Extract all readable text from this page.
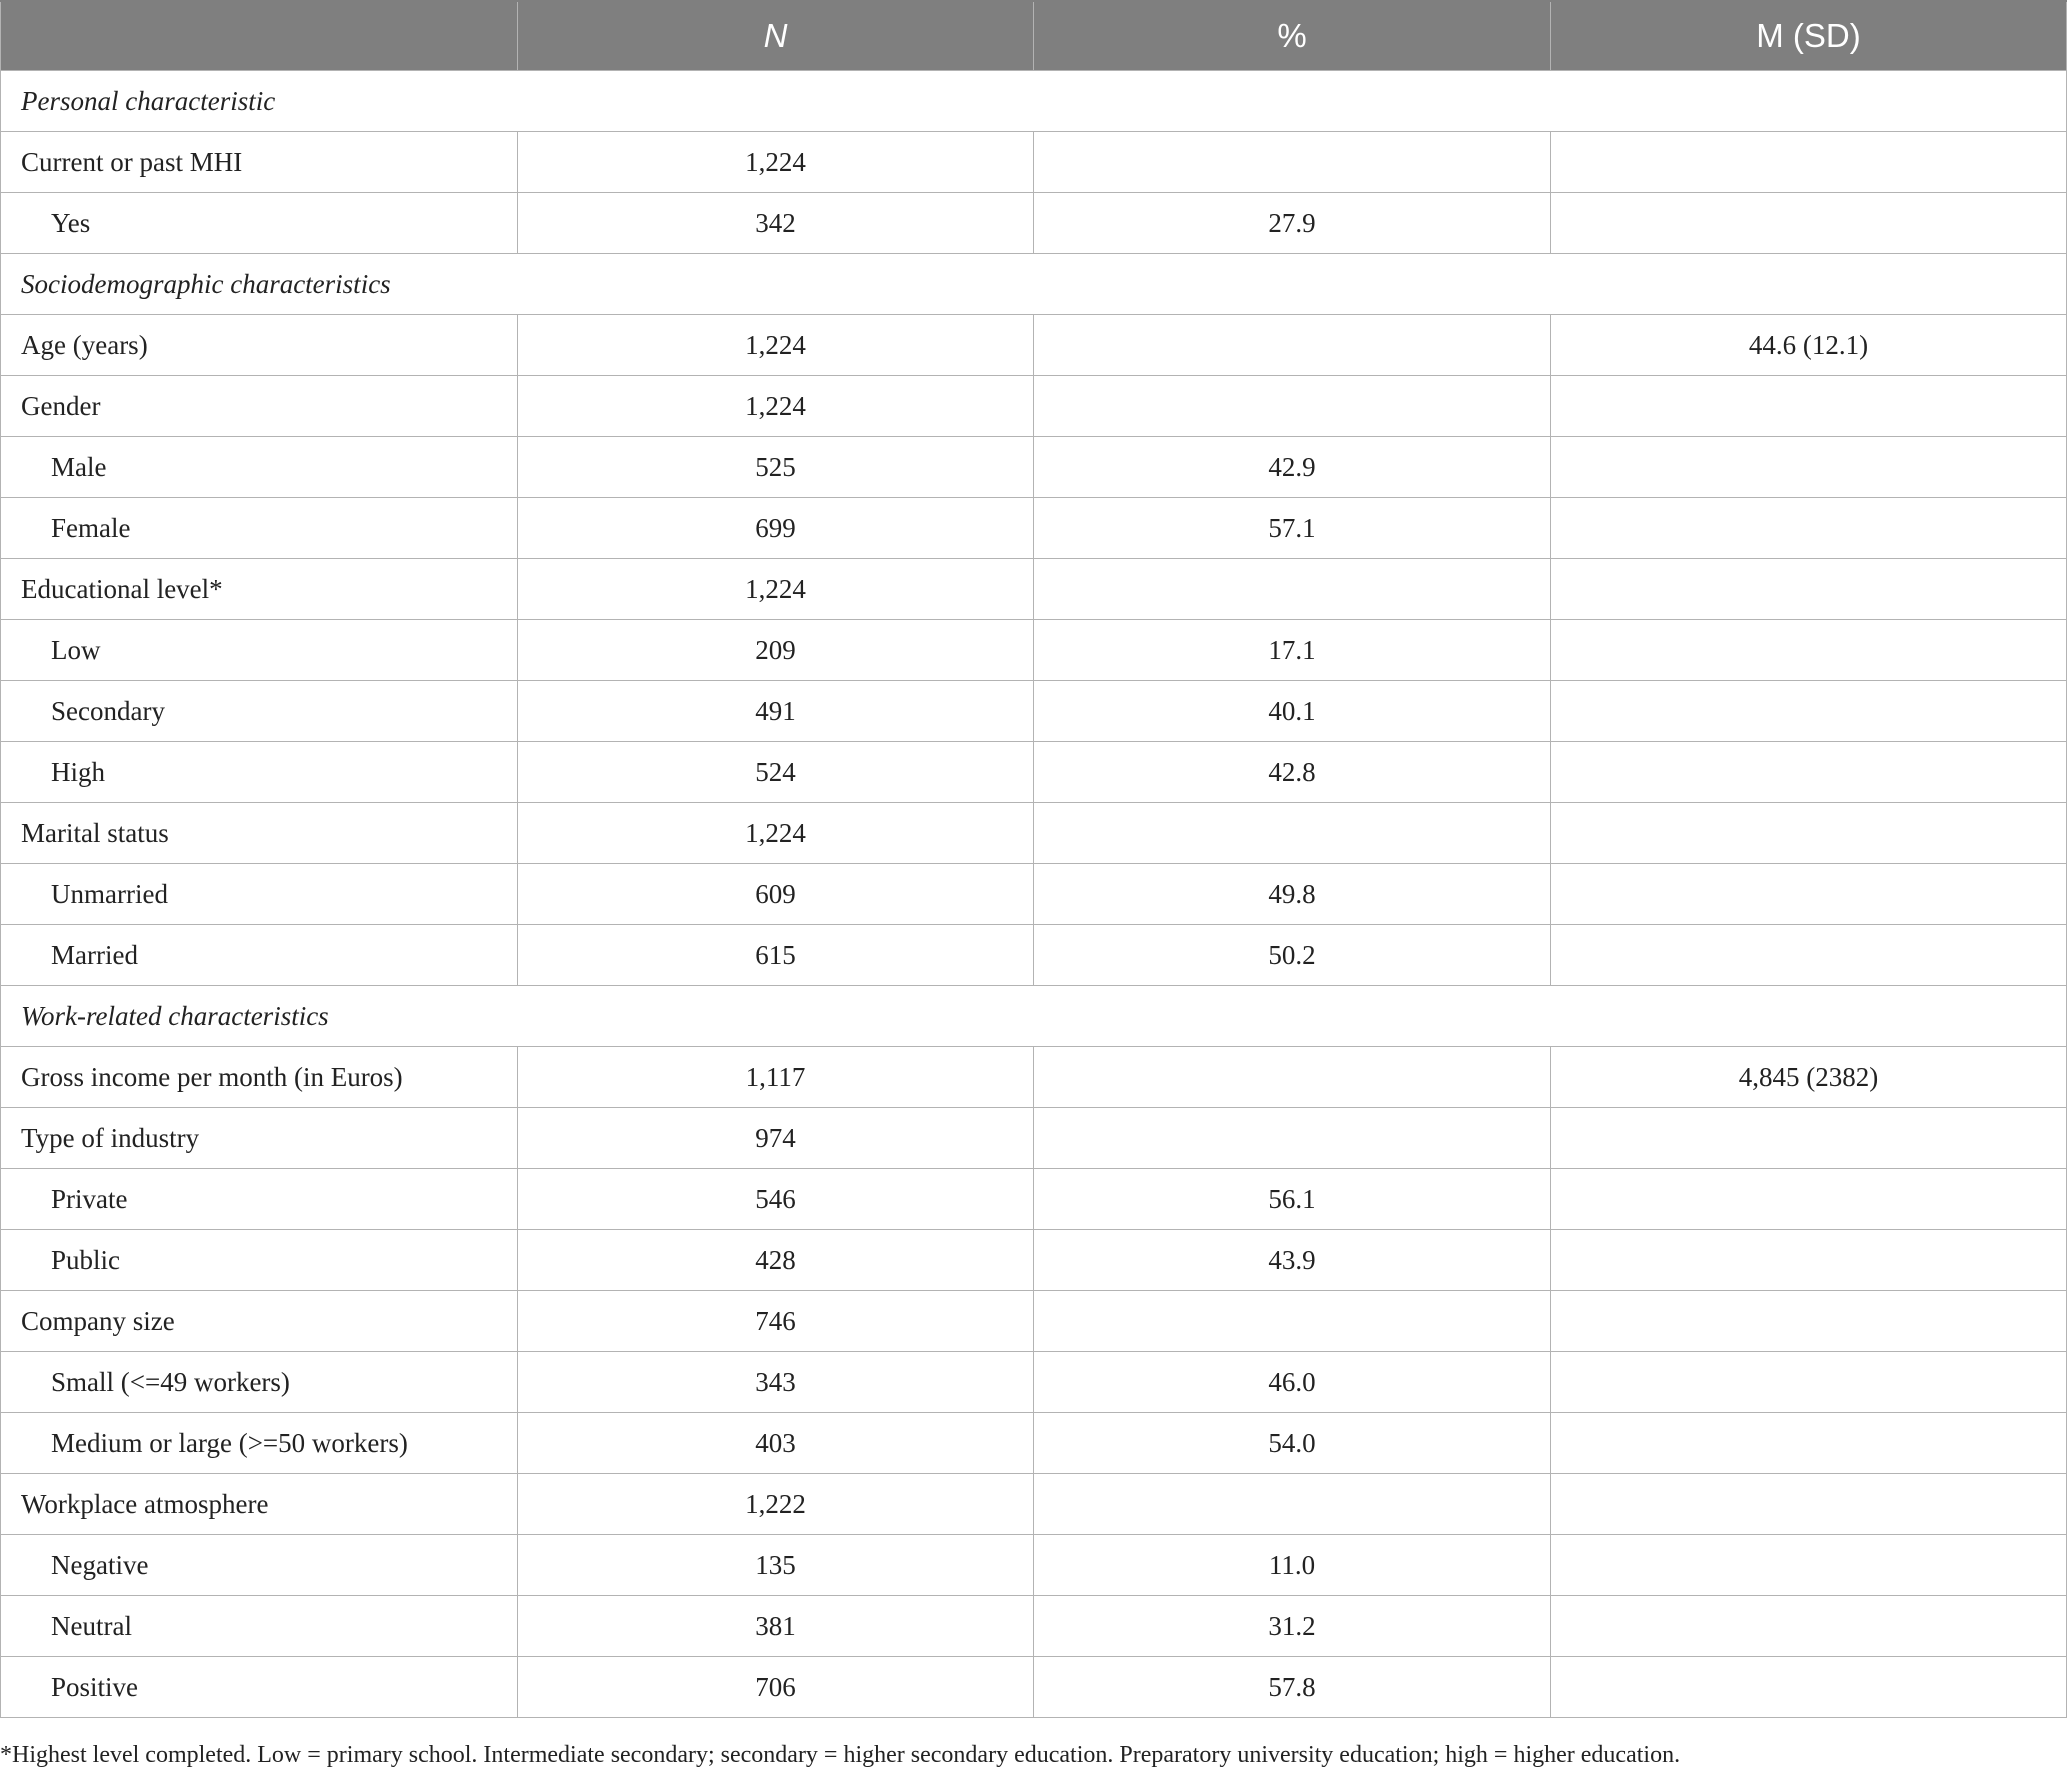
	N	%	M (SD)
Personal characteristic			
Current or past MHI	1,224		
Yes	342	27.9	
Sociodemographic characteristics			
Age (years)	1,224		44.6 (12.1)
Gender	1,224		
Male	525	42.9	
Female	699	57.1	
Educational level*	1,224		
Low	209	17.1	
Secondary	491	40.1	
High	524	42.8	
Marital status	1,224		
Unmarried	609	49.8	
Married	615	50.2	
Work-related characteristics			
Gross income per month (in Euros)	1,117		4,845 (2382)
Type of industry	974		
Private	546	56.1	
Public	428	43.9	
Company size	746		
Small (<=49 workers)	343	46.0	
Medium or large (>=50 workers)	403	54.0	
Workplace atmosphere	1,222		
Negative	135	11.0	
Neutral	381	31.2	
Positive	706	57.8	
*Highest level completed. Low = primary school. Intermediate secondary; secondary = higher secondary education. Preparatory university education; high = higher education.
